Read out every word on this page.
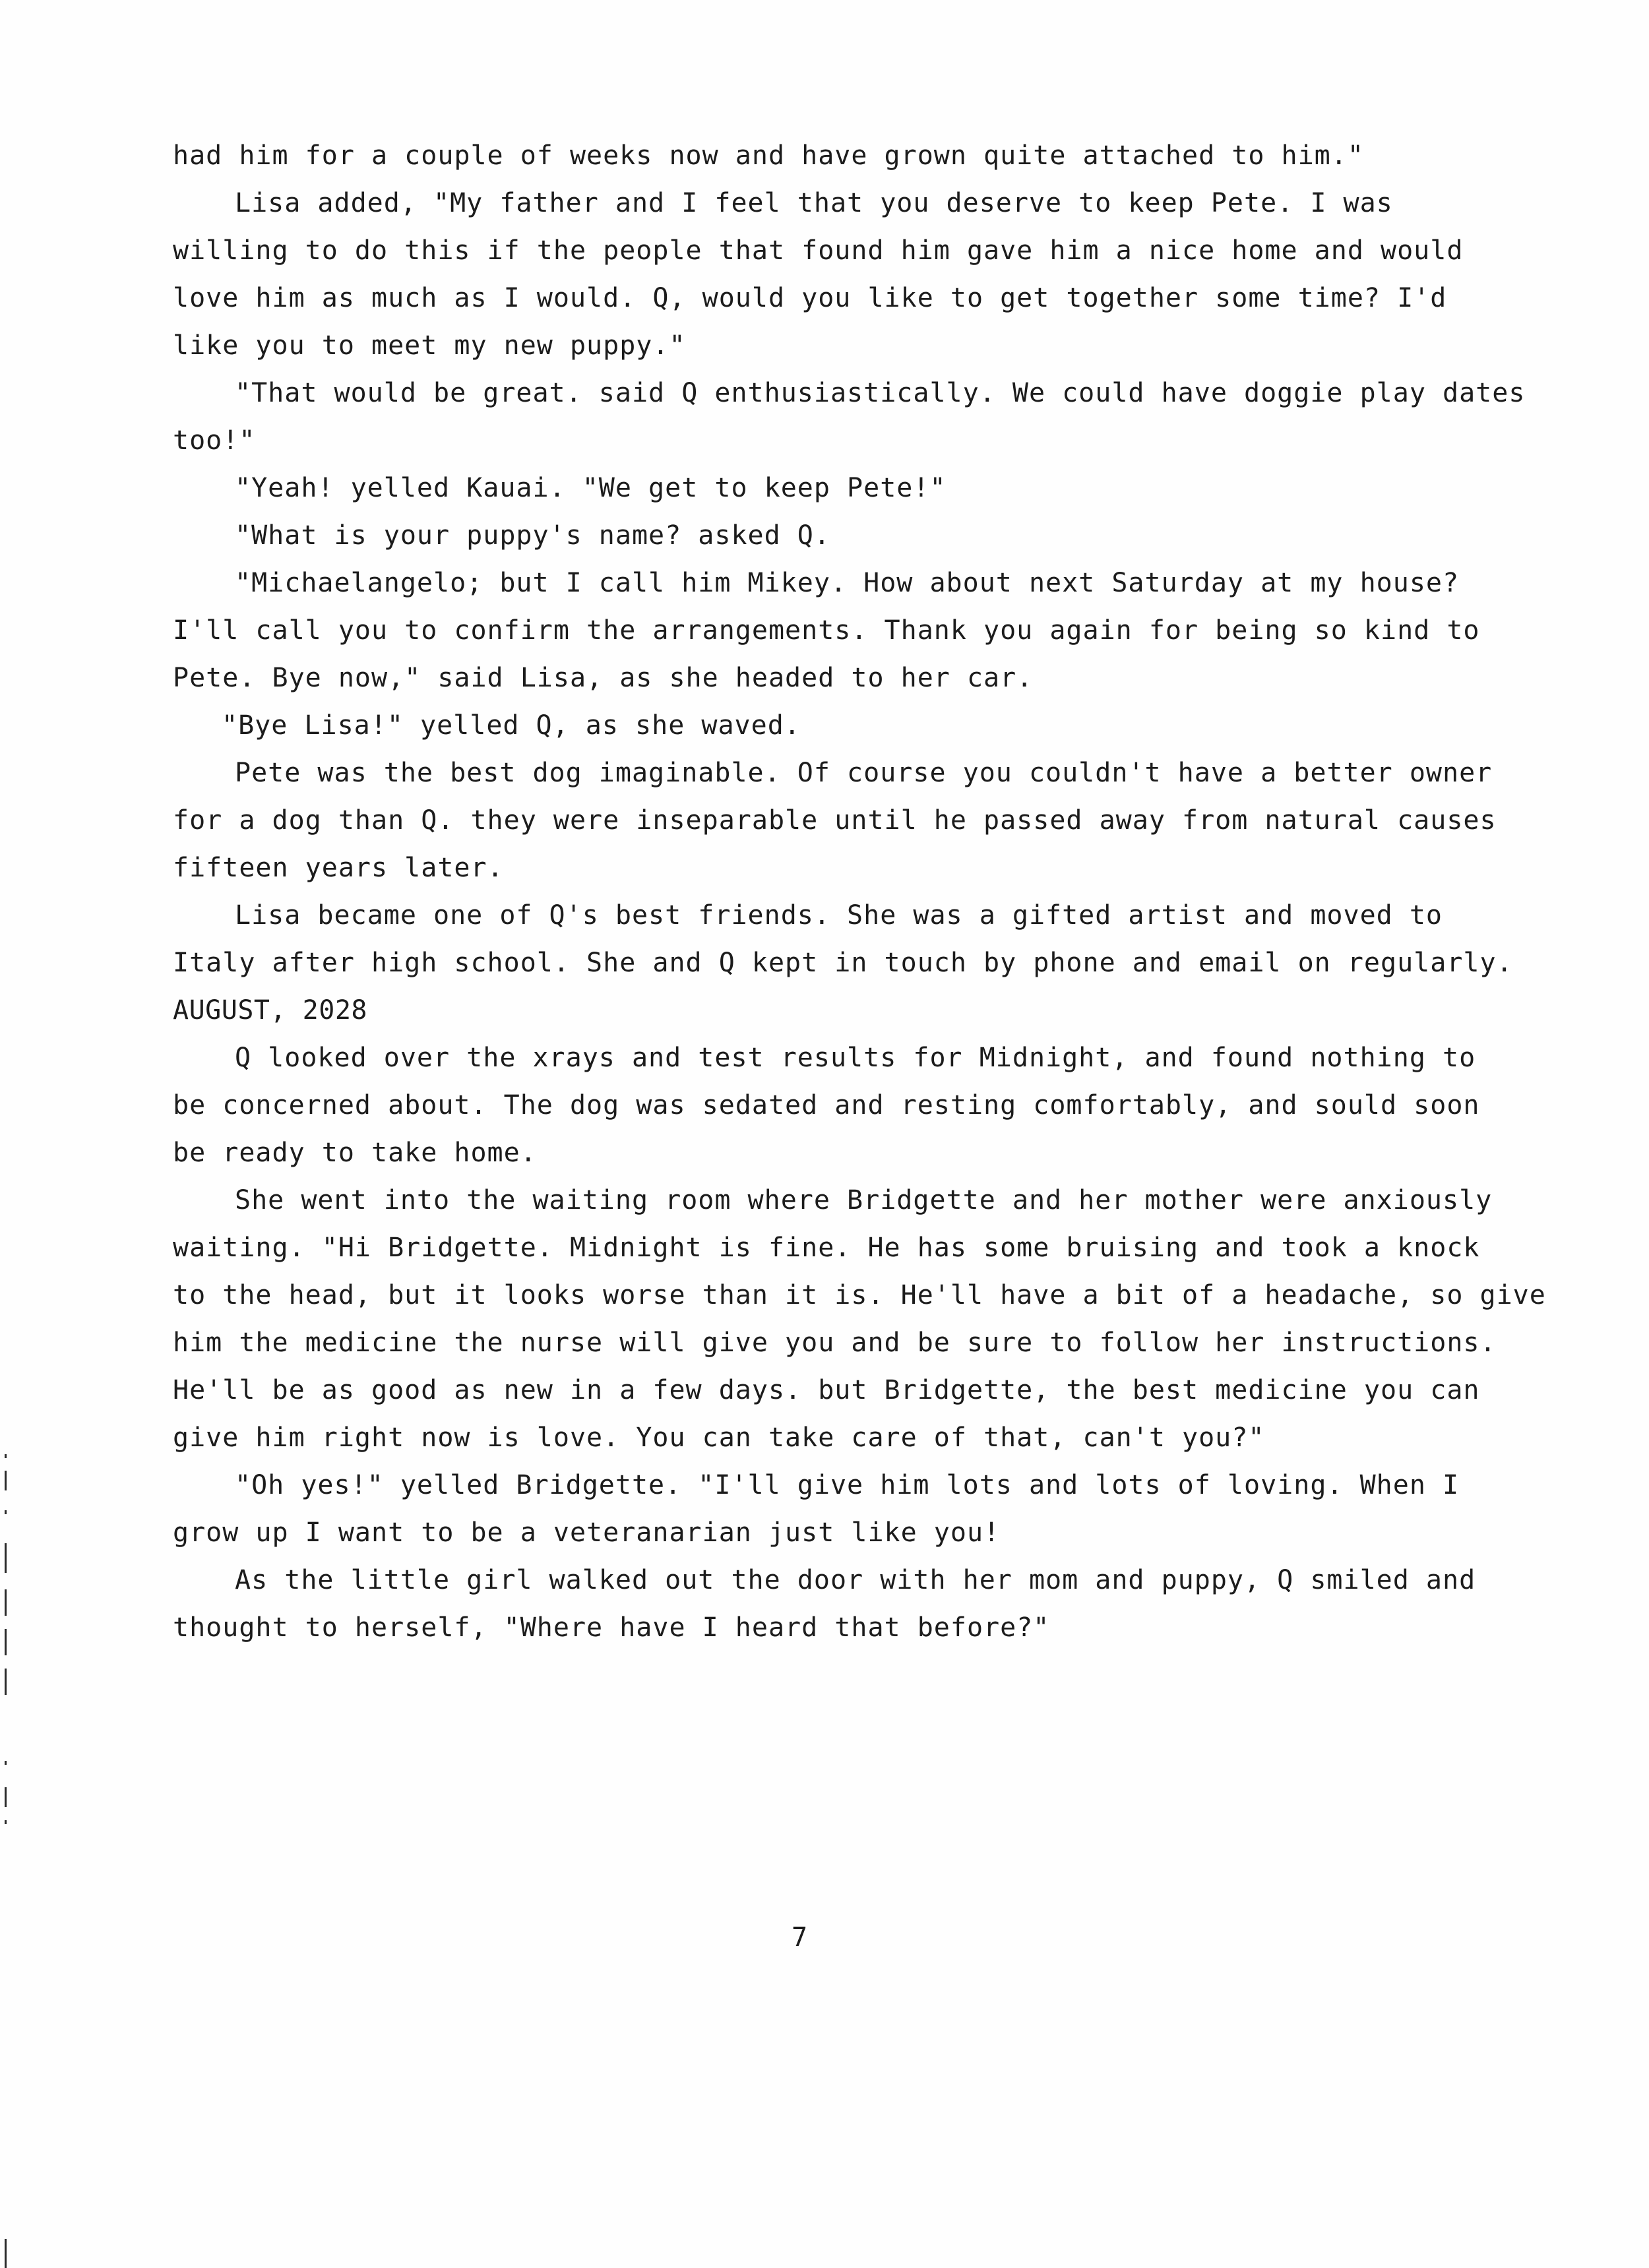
had him for a couple of weeks now and have grown quite attached to him."
Lisa added, "My father and I feel that you deserve to keep Pete. I was
willing to do this if the people that found him gave him a nice home and would
love him as much as I would. Q, would you like to get together some time? I'd
like you to meet my new puppy."
"That would be great. said Q enthusiastically. We could have doggie play dates
too!"
"Yeah! yelled Kauai. "We get to keep Pete!"
"What is your puppy's name? asked Q.
"Michaelangelo; but I call him Mikey. How about next Saturday at my house?
I'll call you to confirm the arrangements. Thank you again for being so kind to
Pete. Bye now," said Lisa, as she headed to her car.
"Bye Lisa!" yelled Q, as she waved.
Pete was the best dog imaginable. Of course you couldn't have a better owner
for a dog than Q. they were inseparable until he passed away from natural causes
fifteen years later.
Lisa became one of Q's best friends. She was a gifted artist and moved to
Italy after high school. She and Q kept in touch by phone and email on regularly.
AUGUST, 2028
Q looked over the xrays and test results for Midnight, and found nothing to
be concerned about. The dog was sedated and resting comfortably, and sould soon
be ready to take home.
She went into the waiting room where Bridgette and her mother were anxiously
waiting. "Hi Bridgette. Midnight is fine. He has some bruising and took a knock
to the head, but it looks worse than it is. He'll have a bit of a headache, so give
him the medicine the nurse will give you and be sure to follow her instructions.
He'll be as good as new in a few days. but Bridgette, the best medicine you can
give him right now is love. You can take care of that, can't you?"
"Oh yes!" yelled Bridgette. "I'll give him lots and lots of loving. When I
grow up I want to be a veteranarian just like you!
As the little girl walked out the door with her mom and puppy, Q smiled and
thought to herself, "Where have I heard that before?"
7
